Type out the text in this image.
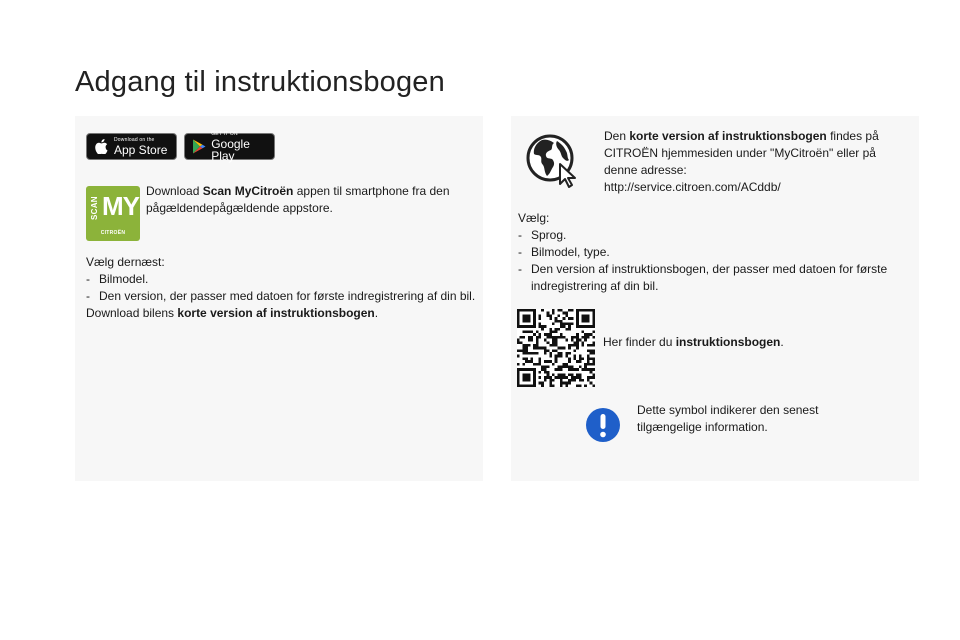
Adgang til instruktionsbogen
Download on the
App Store
GET IT ON
Google Play
SCAN MY
CITROËN
Download Scan MyCitroën appen til smartphone fra den pågældendepågældende appstore.
Vælg dernæst:
- Bilmodel.
- Den version, der passer med datoen for første indregistrering af din bil.
Download bilens korte version af instruktionsbogen.
Den korte version af instruktionsbogen findes på CITROËN hjemmesiden under "MyCitroën" eller på denne adresse:
http://service.citroen.com/ACddb/
Vælg:
- Sprog.
- Bilmodel, type.
- Den version af instruktionsbogen, der passer med datoen for første indregistrering af din bil.
Her finder du instruktionsbogen.
Dette symbol indikerer den senest tilgængelige information.
